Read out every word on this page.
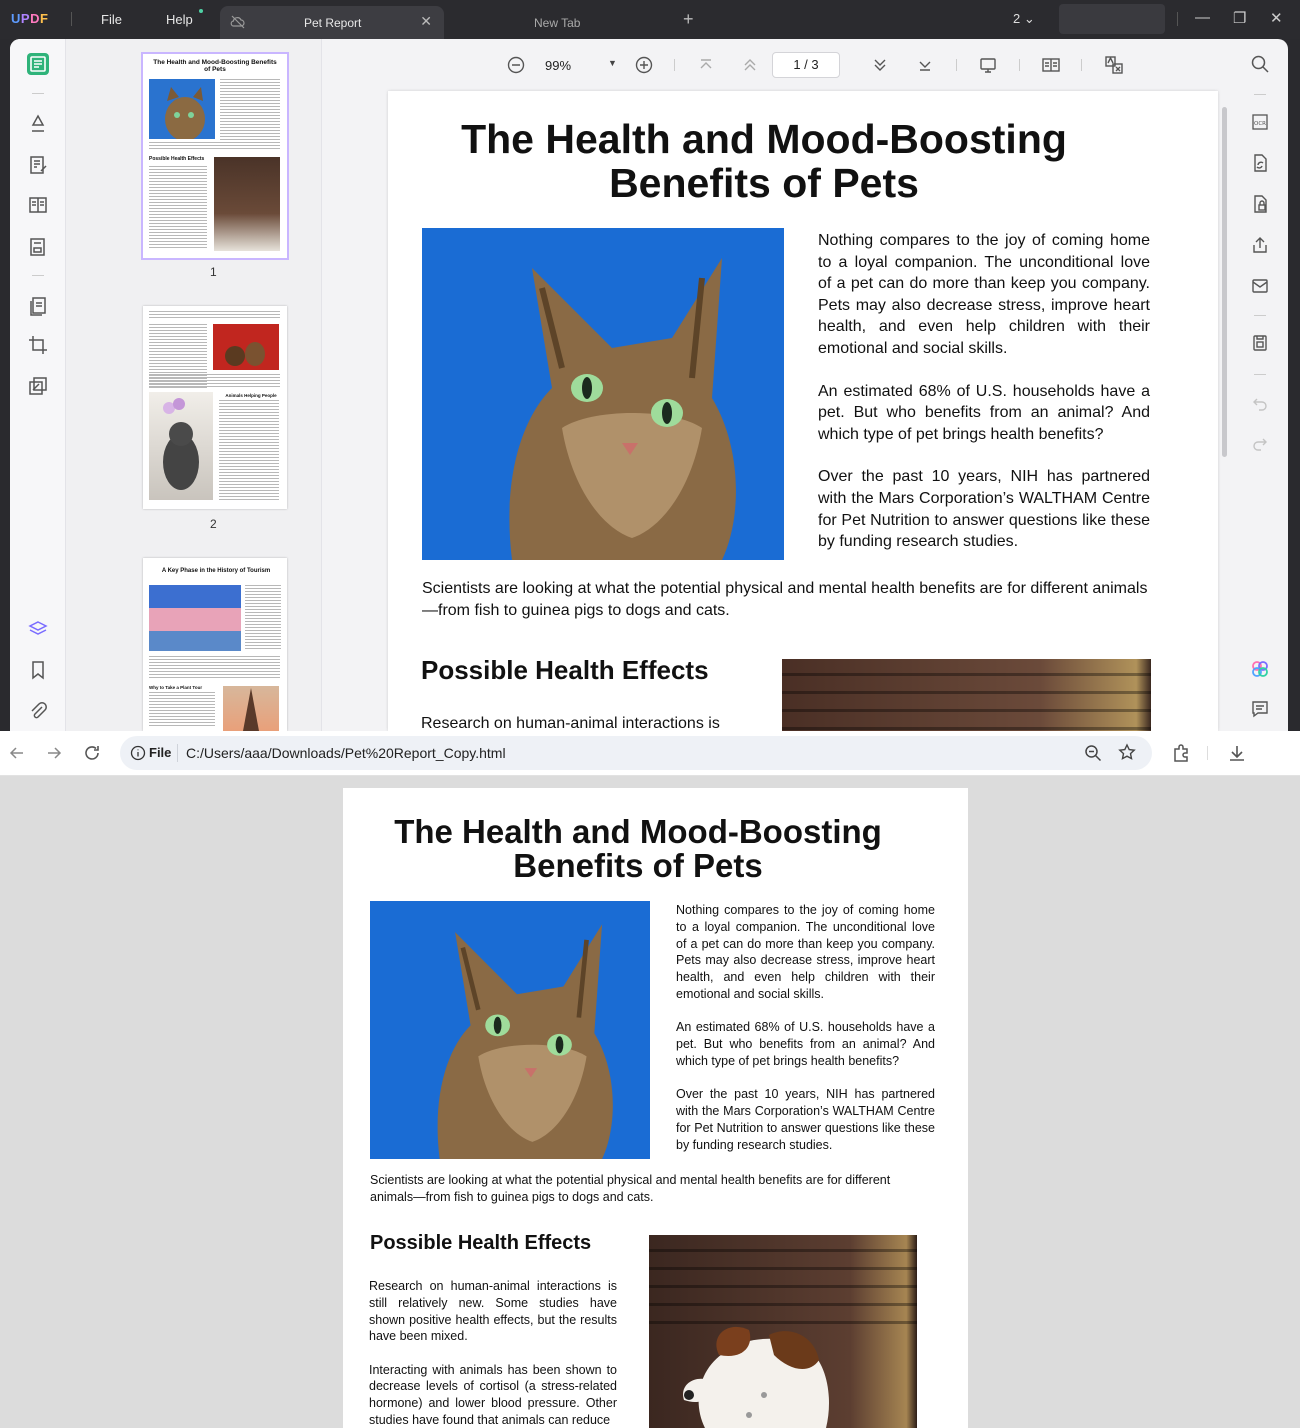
UPDF	File	Help	Pet Report	✕	New Tab	+	2 ⌄	— ❐ ✕
The Health and Mood-Boosting Benefits of Pets
Possible Health Effects
1
Animals Helping People
2
A Key Phase in the History of Tourism
Why to Take a Plant Tour
99%	▼	1 / 3
The Health and Mood-Boosting
Benefits of Pets

Nothing compares to the joy of coming home to a loyal companion. The unconditional love of a pet can do more than keep you company. Pets may also decrease stress, improve heart health, and even help children with their emotional and social skills.

An estimated 68% of U.S. households have a pet. But who benefits from an animal? And which type of pet brings health benefits?

Over the past 10 years, NIH has partnered with the Mars Corporation’s WALTHAM Centre for Pet Nutrition to answer questions like these by funding research studies.

Scientists are looking at what the potential physical and mental health benefits are for different animals—from fish to guinea pigs to dogs and cats.
Possible Health Effects
Research on human-animal interactions is
OCR
File C:/Users/aaa/Downloads/Pet%20Report_Copy.html
The Health and Mood-Boosting
Benefits of Pets

Nothing compares to the joy of coming home to a loyal companion. The unconditional love of a pet can do more than keep you company. Pets may also decrease stress, improve heart health, and even help children with their emotional and social skills.

An estimated 68% of U.S. households have a pet. But who benefits from an animal? And which type of pet brings health benefits?

Over the past 10 years, NIH has partnered with the Mars Corporation’s WALTHAM Centre for Pet Nutrition to answer questions like these by funding research studies.

Scientists are looking at what the potential physical and mental health benefits are for different animals—from fish to guinea pigs to dogs and cats.
Possible Health Effects

Research on human-animal interactions is still relatively new. Some studies have shown positive health effects, but the results have been mixed.

Interacting with animals has been shown to decrease levels of cortisol (a stress-related hormone) and lower blood pressure. Other studies have found that animals can reduce
